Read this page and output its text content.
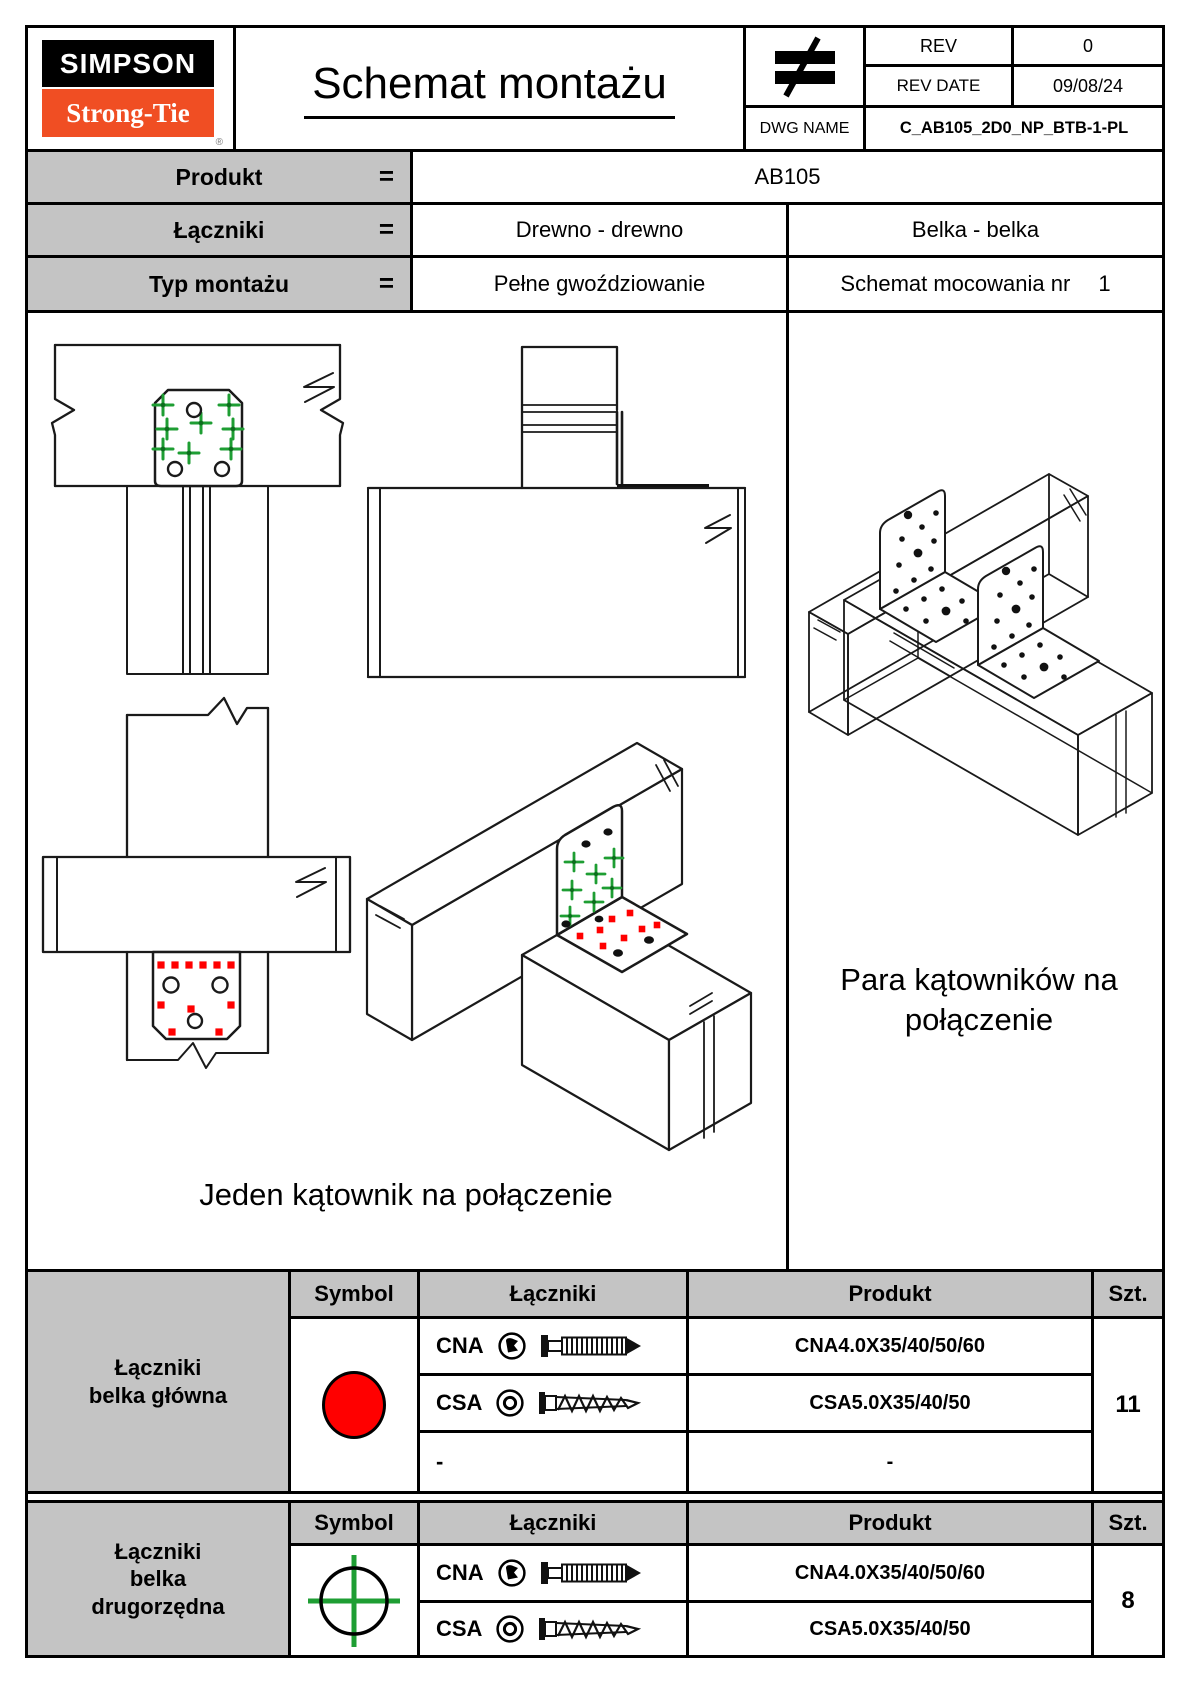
SIMPSON
Strong-Tie
®
Schemat montażu
REV	0
REV DATE	09/08/24
DWG NAME	C_AB105_2D0_NP_BTB-1-PL
Produkt	=	AB105
Łączniki	=	Drewno - drewno	Belka - belka
Typ montażu	=	Pełne gwoździowanie	Schemat mocowania nr 1
Jeden kątownik na połączenie
Para kątowników na połączenie
Łączniki
belka główna
Symbol	Łączniki	Produkt	Szt.
11
CNA	CNA4.0X35/40/50/60
CSA	CSA5.0X35/40/50
-	-
Łączniki
belka
drugorzędna
Symbol	Łączniki	Produkt	Szt.
8
CNA	CNA4.0X35/40/50/60
CSA	CSA5.0X35/40/50
